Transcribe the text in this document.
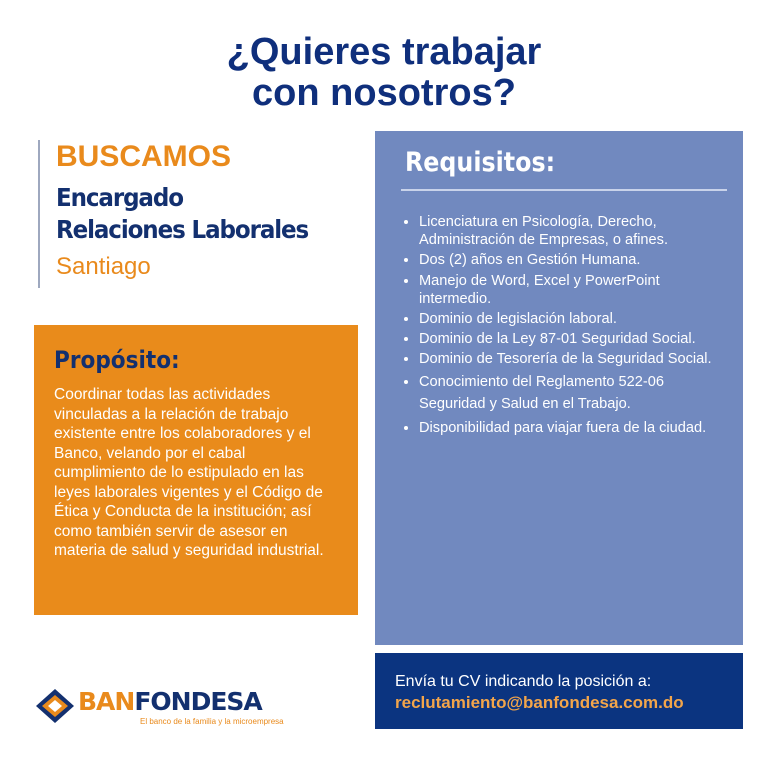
¿Quieres trabajar
con nosotros?
BUSCAMOS
Encargado
Relaciones Laborales
Santiago
Propósito:
Coordinar todas las actividades vinculadas a la relación de trabajo existente entre los colaboradores y el Banco, velando por el cabal cumplimiento de lo estipulado en las leyes laborales vigentes y el Código de Ética y Conducta de la institución; así como también servir de asesor en materia de salud y seguridad industrial.
Requisitos:
• Licenciatura en Psicología, Derecho, Administración de Empresas, o afines.
• Dos (2) años en Gestión Humana.
• Manejo de Word, Excel y PowerPoint intermedio.
• Dominio de legislación laboral.
• Dominio de la Ley 87-01 Seguridad Social.
• Dominio de Tesorería de la Seguridad Social.
• Conocimiento del Reglamento 522-06 Seguridad y Salud en el Trabajo.
• Disponibilidad para viajar fuera de la ciudad.
Envía tu CV indicando la posición a:
reclutamiento@banfondesa.com.do
BANFONDESA
El banco de la familia y la microempresa
